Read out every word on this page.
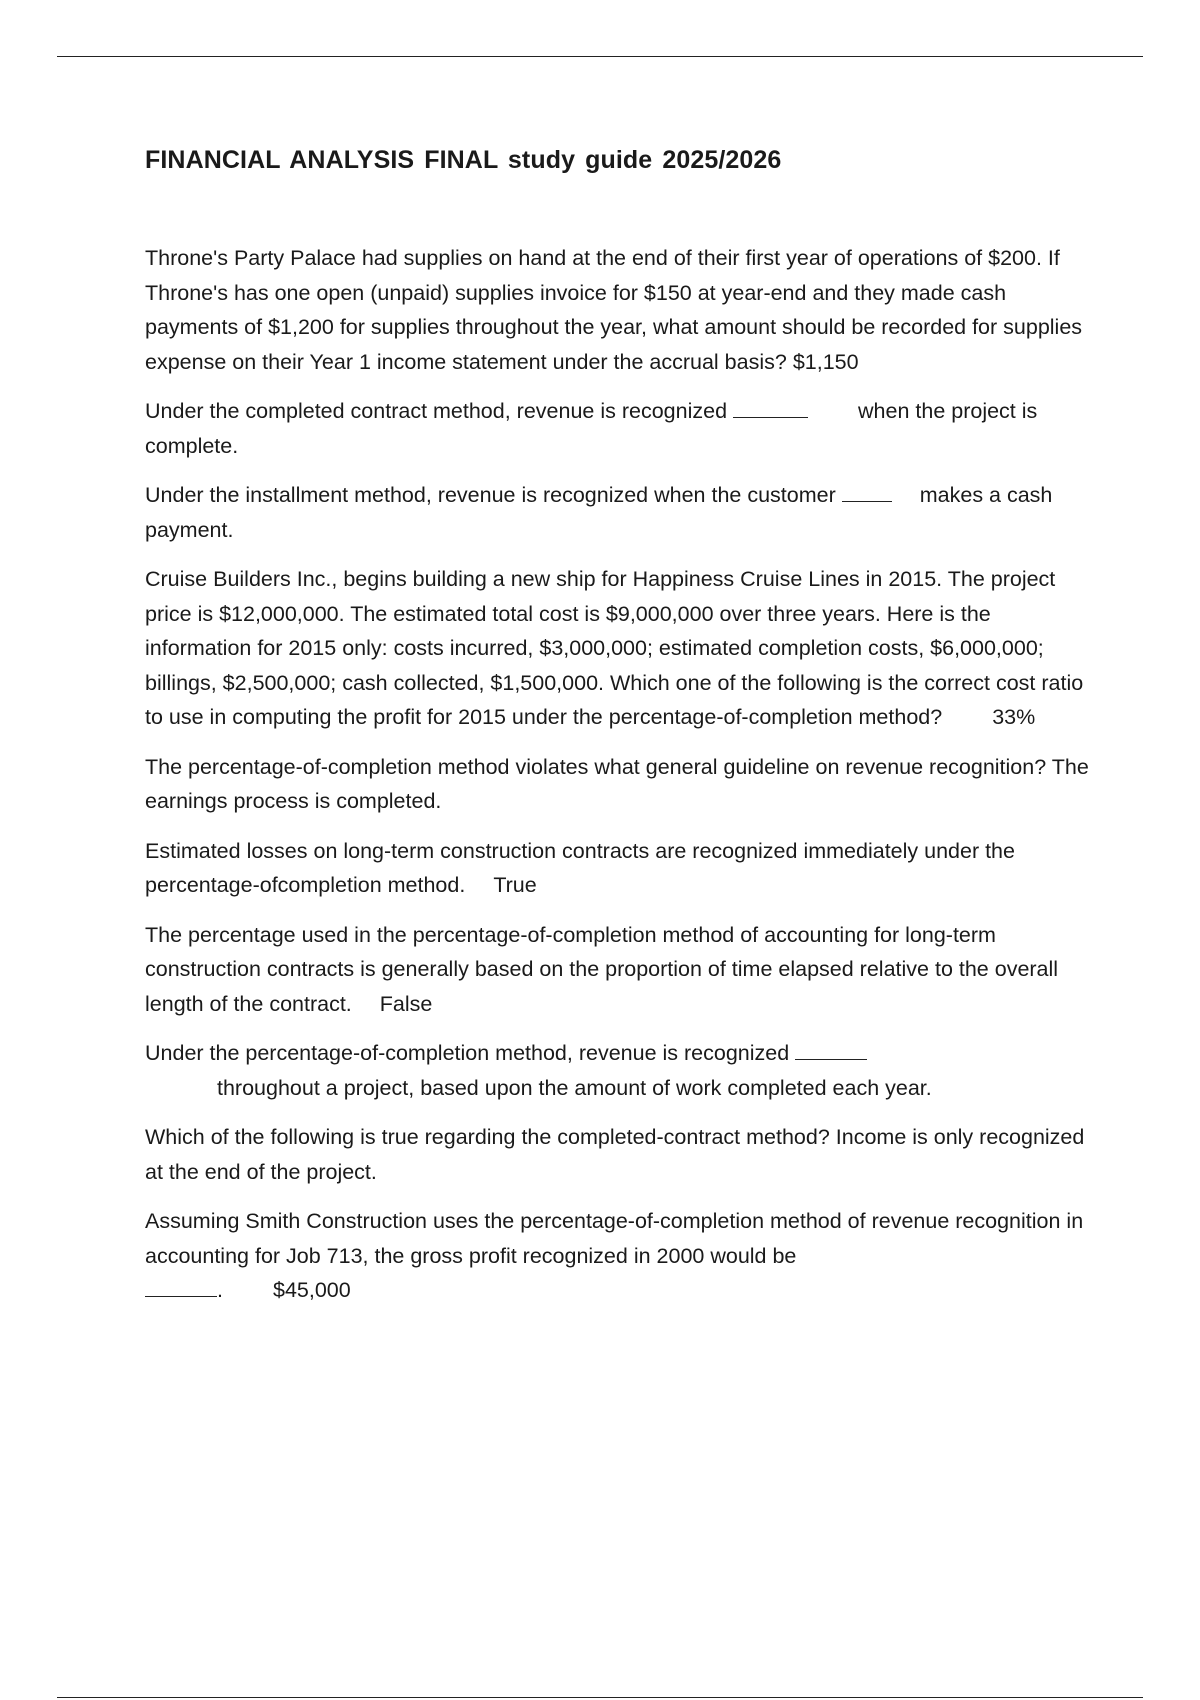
FINANCIAL ANALYSIS FINAL study guide 2025/2026

Throne's Party Palace had supplies on hand at the end of their first year of operations of $200. If Throne's has one open (unpaid) supplies invoice for $150 at year-end and they made cash payments of $1,200 for supplies throughout the year, what amount should be recorded for supplies expense on their Year 1 income statement under the accrual basis? $1,150

Under the completed contract method, revenue is recognized	when the project is complete.

Under the installment method, revenue is recognized when the customer	makes a cash payment.

Cruise Builders Inc., begins building a new ship for Happiness Cruise Lines in 2015. The project price is $12,000,000. The estimated total cost is $9,000,000 over three years. Here is the information for 2015 only: costs incurred, $3,000,000; estimated completion costs, $6,000,000; billings, $2,500,000; cash collected, $1,500,000. Which one of the following is the correct cost ratio to use in computing the profit for 2015 under the percentage-of-completion method? 33%

The percentage-of-completion method violates what general guideline on revenue recognition? The earnings process is completed.

Estimated losses on long-term construction contracts are recognized immediately under the percentage-ofcompletion method. True

The percentage used in the percentage-of-completion method of accounting for long-term construction contracts is generally based on the proportion of time elapsed relative to the overall length of the contract. False

Under the percentage-of-completion method, revenue is recognized
throughout a project, based upon the amount of work completed each year.

Which of the following is true regarding the completed-contract method? Income is only recognized at the end of the project.

Assuming Smith Construction uses the percentage-of-completion method of revenue recognition in accounting for Job 713, the gross profit recognized in 2000 would be
. $45,000
